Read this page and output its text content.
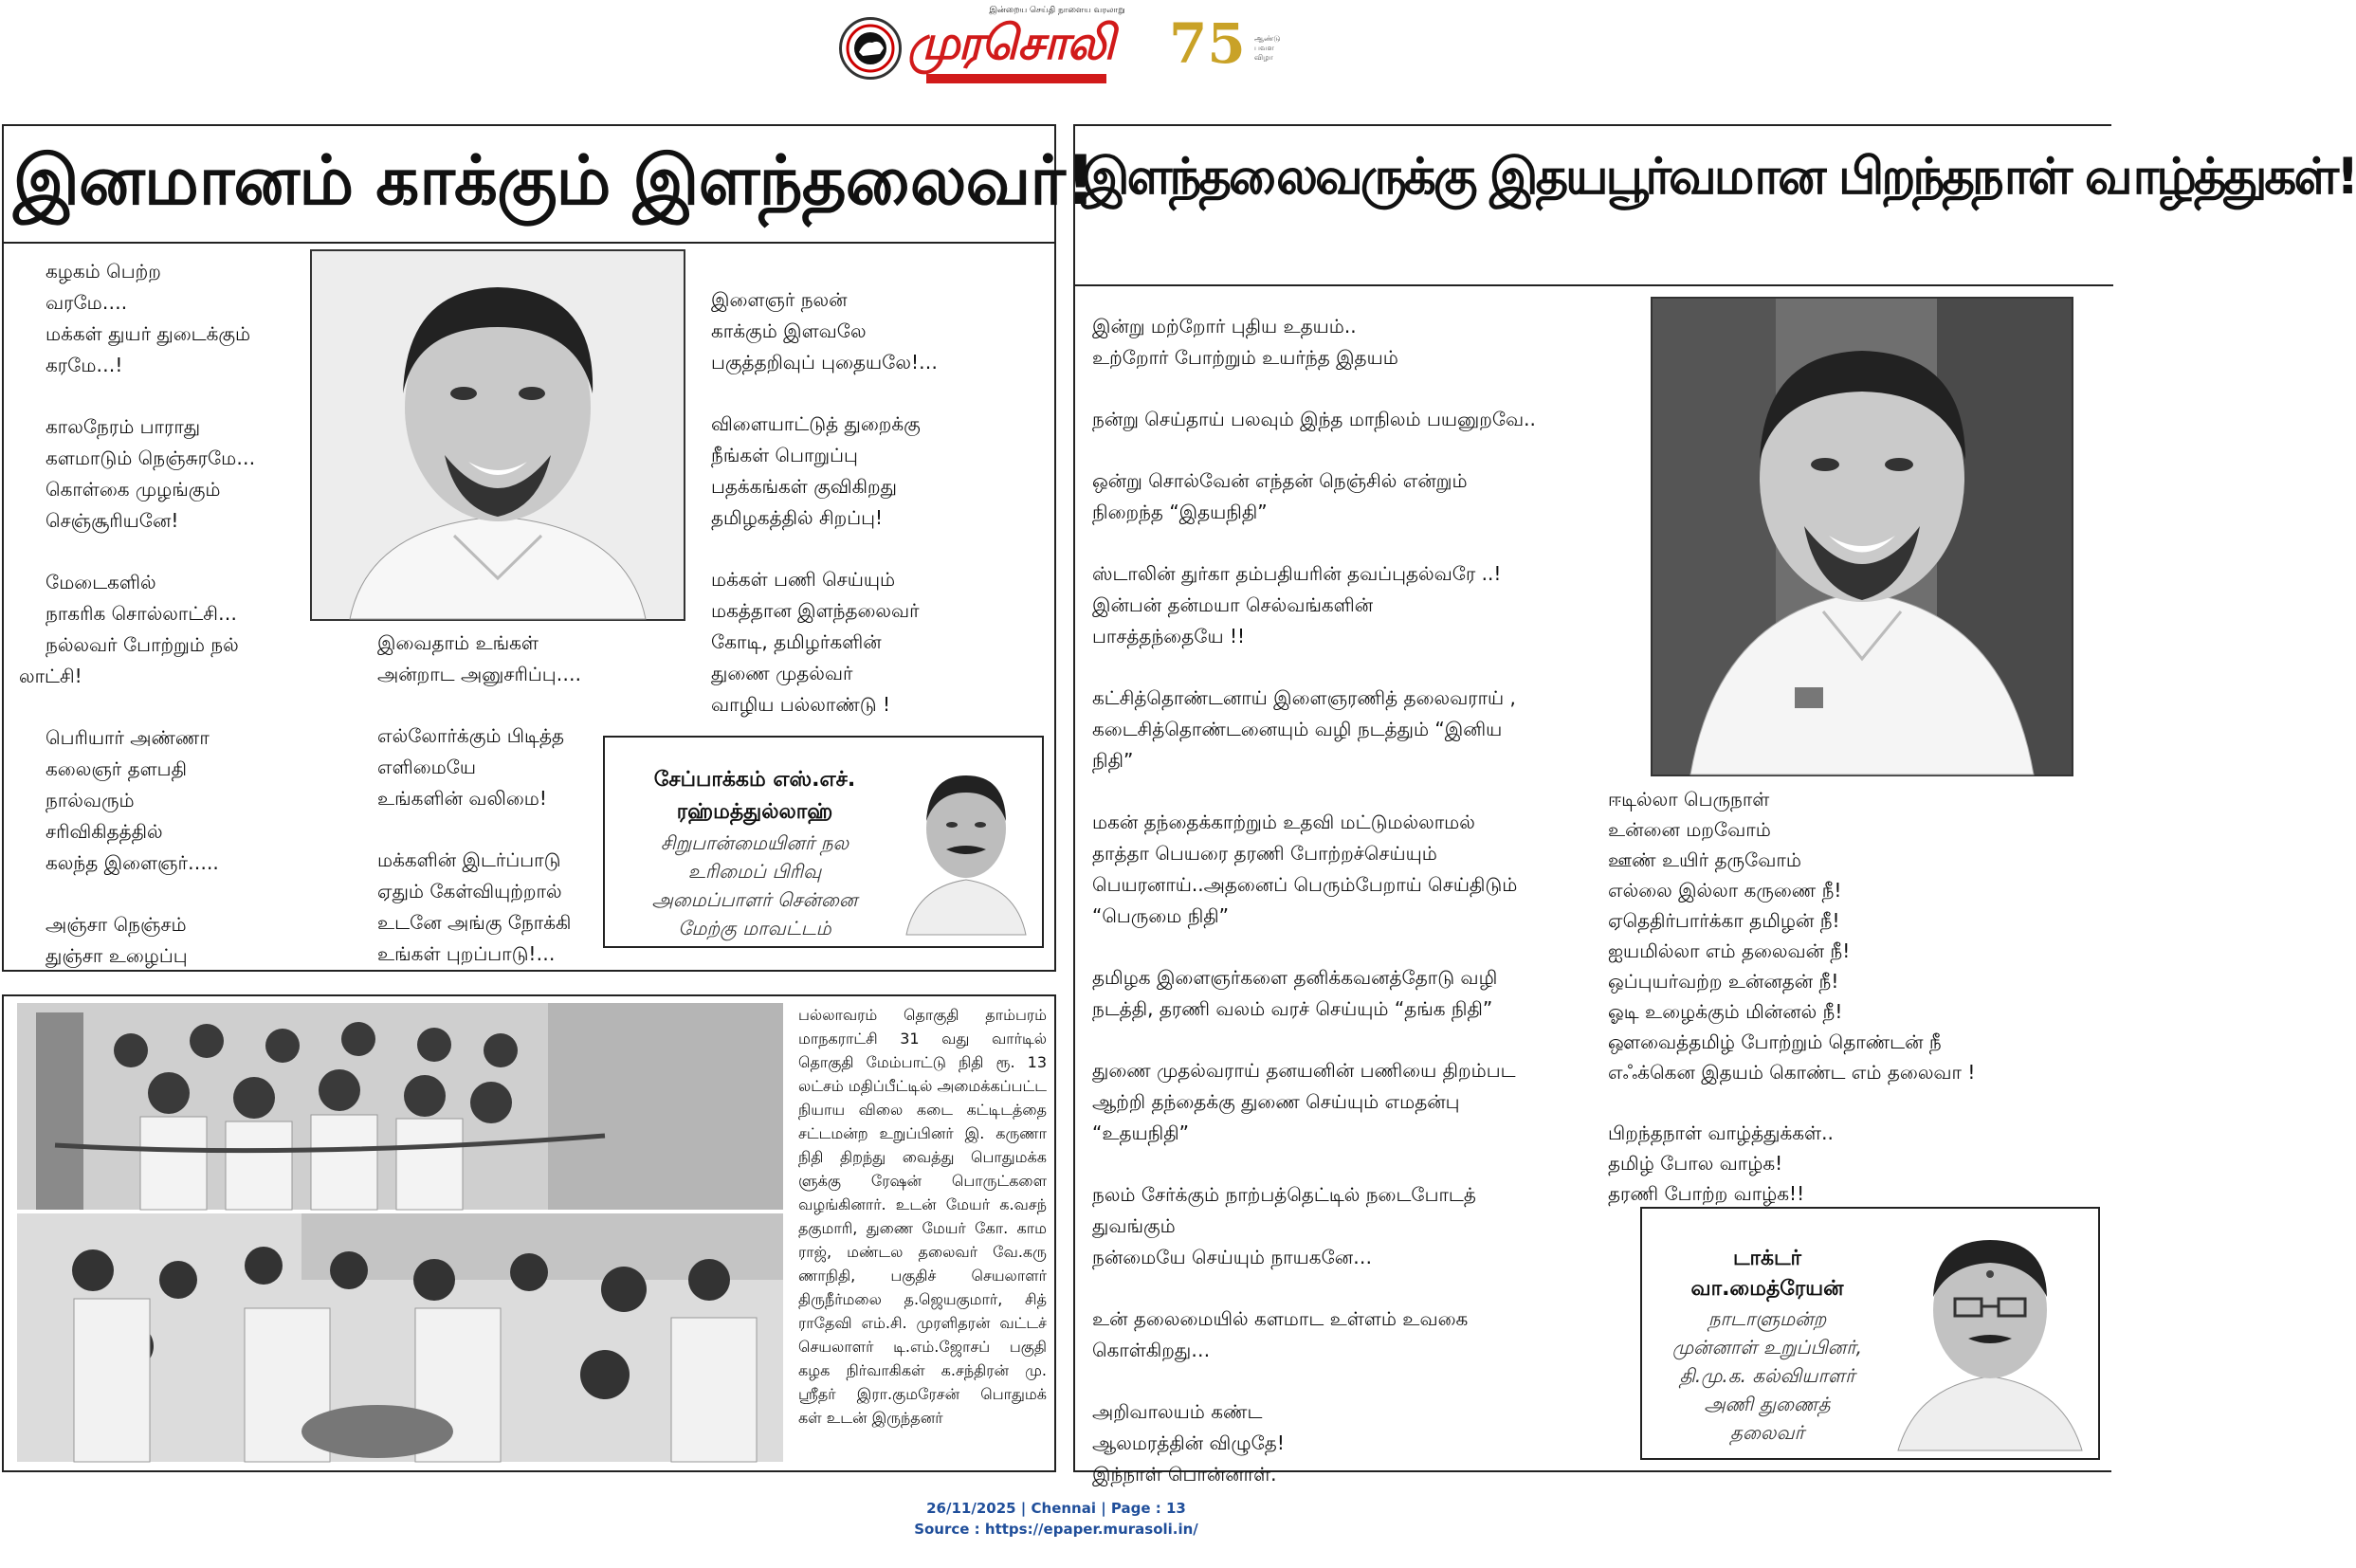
இன்றைய செய்தி நாளைய வரலாறு
முரசொலி 75 ஆண்டு பவள விழா
இனமானம் காக்கும் இளந்தலைவர்!

கழகம் பெற்ற
வரமே….
மக்கள் துயர் துடைக்கும்
கரமே…!

காலநேரம் பாராது
களமாடும் நெஞ்சுரமே…
கொள்கை முழங்கும்
செஞ்சூரியனே!

மேடைகளில்
நாகரிக சொல்லாட்சி…
நல்லவர் போற்றும் நல்
லாட்சி!

பெரியார் அண்ணா
கலைஞர் தளபதி
நால்வரும்
சரிவிகிதத்தில்
கலந்த இளைஞர்…..

அஞ்சா நெஞ்சம்
துஞ்சா உழைப்பு

இவைதாம் உங்கள்
அன்றாட அனுசரிப்பு….

எல்லோர்க்கும் பிடித்த
எளிமையே
உங்களின் வலிமை!

மக்களின் இடர்ப்பாடு
ஏதும் கேள்வியுற்றால்
உடனே அங்கு நோக்கி
உங்கள் புறப்பாடு!…

இளைஞர் நலன்
காக்கும் இளவலே
பகுத்தறிவுப் புதையலே!…

விளையாட்டுத் துறைக்கு
நீங்கள் பொறுப்பு
பதக்கங்கள் குவிகிறது
தமிழகத்தில் சிறப்பு!

மக்கள் பணி செய்யும்
மகத்தான இளந்தலைவர்
கோடி, தமிழர்களின்
துணை முதல்வர்
வாழிய பல்லாண்டு !

சேப்பாக்கம் எஸ்.எச்.
ரஹ்மத்துல்லாஹ்
சிறுபான்மையினர் நல
உரிமைப் பிரிவு
அமைப்பாளர் சென்னை
மேற்கு மாவட்டம்
இளந்தலைவருக்கு இதயபூர்வமான பிறந்தநாள் வாழ்த்துகள்!

இன்று மற்றோர் புதிய உதயம்..
உற்றோர் போற்றும் உயர்ந்த இதயம்

நன்று செய்தாய் பலவும் இந்த மாநிலம் பயனுறவே..

ஒன்று சொல்வேன் எந்தன் நெஞ்சில் என்றும்
நிறைந்த “இதயநிதி”

ஸ்டாலின் துர்கா தம்பதியரின் தவப்புதல்வரே ..!
இன்பன் தன்மயா செல்வங்களின்
பாசத்தந்தையே !!

கட்சித்தொண்டனாய் இளைஞரணித் தலைவராய் ,
கடைசித்தொண்டனையும் வழி நடத்தும் “இனிய
நிதி”

மகன் தந்தைக்காற்றும் உதவி மட்டுமல்லாமல்
தாத்தா பெயரை தரணி போற்றச்செய்யும்
பெயரனாய்..அதனைப் பெரும்பேறாய் செய்திடும்
“பெருமை நிதி”

தமிழக இளைஞர்களை தனிக்கவனத்தோடு வழி
நடத்தி, தரணி வலம் வரச் செய்யும் “தங்க நிதி”

துணை முதல்வராய் தனயனின் பணியை திறம்பட
ஆற்றி தந்தைக்கு துணை செய்யும் எமதன்பு
“உதயநிதி”

நலம் சேர்க்கும் நாற்பத்தெட்டில் நடைபோடத்
துவங்கும்
நன்மையே செய்யும் நாயகனே…

உன் தலைமையில் களமாட உள்ளம் உவகை
கொள்கிறது…

அறிவாலயம் கண்ட
ஆலமரத்தின் விழுதே!
இந்நாள் பொன்னாள்.

ஈடில்லா பெருநாள்
உன்னை மறவோம்
ஊண் உயிர் தருவோம்
எல்லை இல்லா கருணை நீ!
ஏதெதிர்பார்க்கா தமிழன் நீ!
ஐயமில்லா எம் தலைவன் நீ!
ஒப்புயர்வற்ற உன்னதன் நீ!
ஓடி உழைக்கும் மின்னல் நீ!
ஔவைத்தமிழ் போற்றும் தொண்டன் நீ
எஃக்கென இதயம் கொண்ட எம் தலைவா !

பிறந்தநாள் வாழ்த்துக்கள்..
தமிழ் போல வாழ்க!
தரணி போற்ற வாழ்க!!

டாக்டர்
வா.மைத்ரேயன்
நாடாளுமன்ற
முன்னாள் உறுப்பினர்,
தி.மு.க. கல்வியாளர்
அணி துணைத்
தலைவர்
பல்லாவரம் தொகுதி தாம்பரம்
மாநகராட்சி 31 வது வார்டில்
தொகுதி மேம்பாட்டு நிதி ரூ. 13
லட்சம் மதிப்பீட்டில் அமைக்கப்பட்ட
நியாய விலை கடை கட்டிடத்தை
சட்டமன்ற உறுப்பினர் இ. கருணா
நிதி திறந்து வைத்து பொதுமக்க
ளுக்கு ரேஷன் பொருட்களை
வழங்கினார். உடன் மேயர் க.வசந்
தகுமாரி, துணை மேயர் கோ. காம
ராஜ், மண்டல தலைவர் வே.கரு
ணாநிதி, பகுதிச் செயலாளர்
திருநீர்மலை த.ஜெயகுமார், சித்
ராதேவி எம்.சி. முரளிதரன் வட்டச்
செயலாளர் டி.எம்.ஜோசப் பகுதி
கழக நிர்வாகிகள் க.சந்திரன் மு.
ஸ்ரீதர் இரா.குமரேசன் பொதுமக்
கள் உடன் இருந்தனர்
26/11/2025 | Chennai | Page : 13
Source : https://epaper.murasoli.in/
